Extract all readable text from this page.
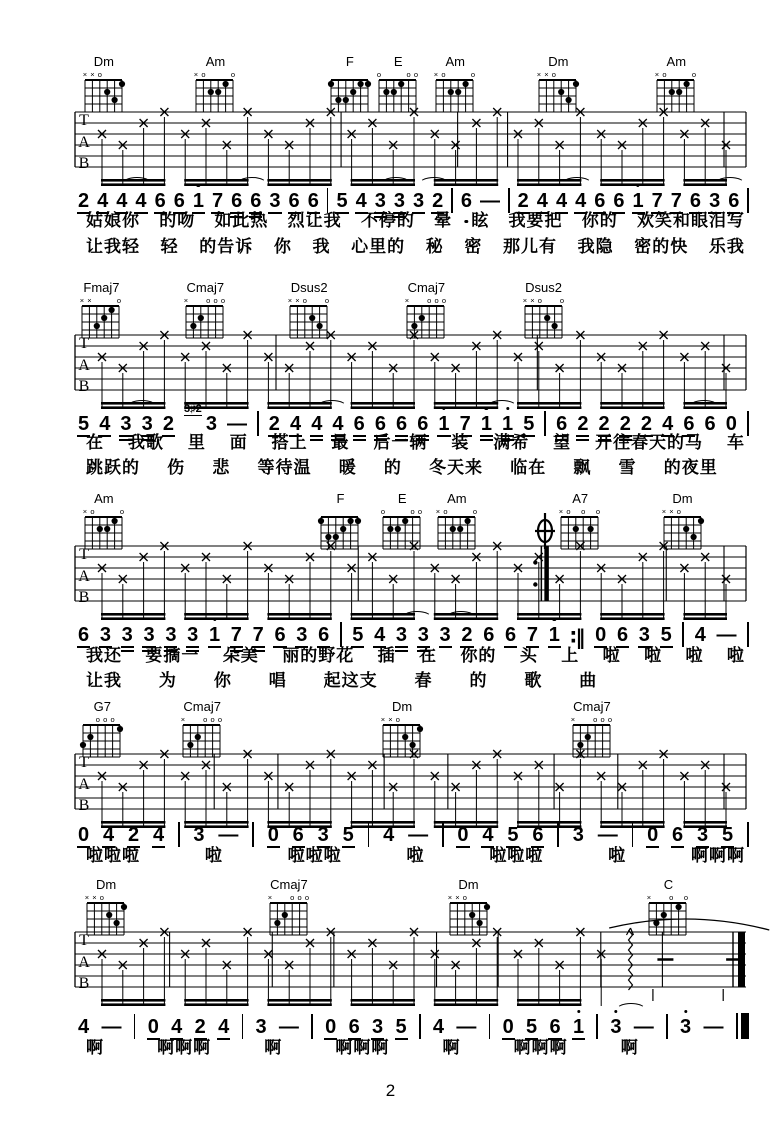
Dm
× × o
Am
× o	o
F	E
o	o o
Am
× o	o
Dm
× × o
Am
× o	o
T
A
B
2 4 4 4 6 6 1 7 6 6 3 6 6 5 4 3 3 3 2 6 — 2 4 4 4 6 6 1 7 7 6 3 6
姑娘你 的吻 如此热 烈让我 不停的 晕 眩 我要把 你的 欢笑和眼泪写
让我轻 轻 的告诉 你 我 心里的 秘 密 那儿有 我隐 密的快 乐我
Fmaj7
× ×	o
Cmaj7
× o o o
Dsus2
× × o o
Cmaj7
× o o o
Dsus2
× × o o
T
A
B
5 4 3 3 2
3♯2
3 — 2 4 4 4 6 6 6 6 1 7 1 1 5 6 2 2 2 2 4 6 6 0
在 我歌 里 面 搭上 最 后一辆 装 满希 望 开往春天的马 车
跳跃的 伤 悲 等待温 暖 的 冬天来 临在 飘 雪 的夜里
Am
× o	o
F	E
o	o o
Am
× o	o
A7
× o o o
Dm
× × o
T
A
B
6 3 3 3 3 3 1 7 7 6 3 6 5 4 3 3 3 2 6 6 7 1 ∶‖ 0 6 3 5 4 —
我还 要摘一 朵美 丽的野花 插 在 你的 头 上 啦 啦 啦 啦
让我 为 你 唱 起这支 春 的 歌 曲
G7
o o o
Cmaj7
× o o o
Dm
× × o
Cmaj7
× o o o
T
A
B
0 4 2 4 3 — 0 6 3 5 4 — 0 4 5 6 3 — 0 6 3 5
啦啦啦	啦	啦啦啦	啦	啦啦啦	啦	啊啊啊
Dm
× × o
Cmaj7
× o o o
Dm
× × o
C
× o o
T
A
B
4 — 0 4 2 4 3 — 0 6 3 5 4 — 0 5 6 1 3 — 3 —
啊	啊啊啊	啊	啊啊啊	啊	啊啊啊	啊
2
